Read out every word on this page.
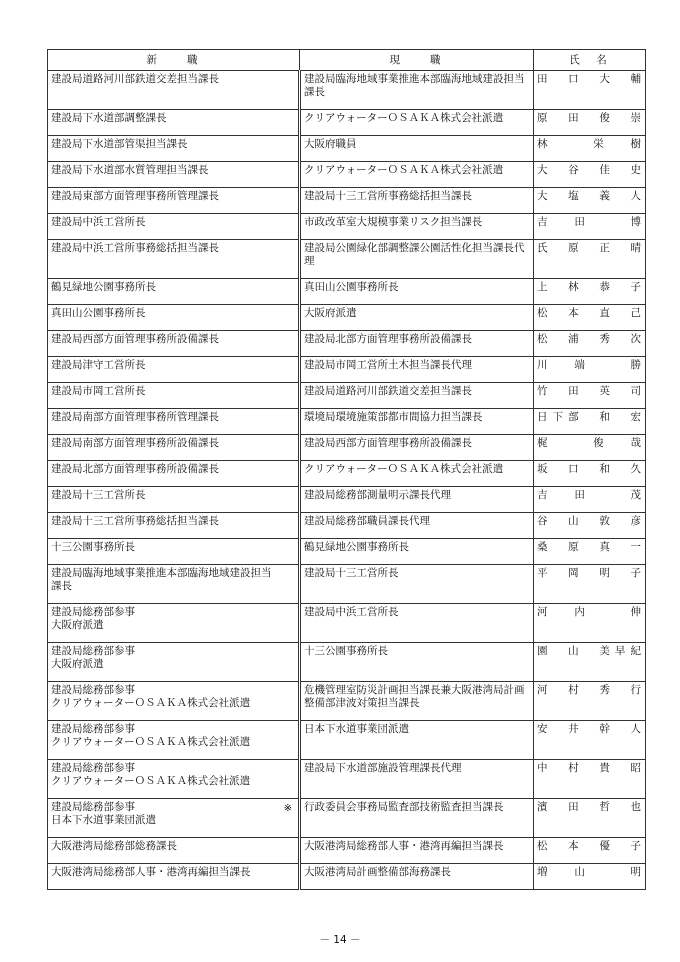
新　　職	現　　職	氏　名

建設局道路河川部鉄道交差担当課長	建設局臨海地域事業推進本部臨海地域建設担当
課長	田　口　大　輔

建設局下水道部調整課長	クリアウォーターＯＳＡＫＡ株式会社派遣	原　田　俊　崇

建設局下水道部管渠担当課長	大阪府職員	林　　栄　樹

建設局下水道部水質管理担当課長	クリアウォーターＯＳＡＫＡ株式会社派遣	大　谷　佳　史

建設局東部方面管理事務所管理課長	建設局十三工営所事務総括担当課長	大　塩　義　人

建設局中浜工営所長	市政改革室大規模事業リスク担当課長	吉　田　　博

建設局中浜工営所事務総括担当課長	建設局公園緑化部調整課公園活性化担当課長代
理	氏　原　正　晴

鶴見緑地公園事務所長	真田山公園事務所長	上　林　恭　子

真田山公園事務所長	大阪府派遣	松　本　直　己

建設局西部方面管理事務所設備課長	建設局北部方面管理事務所設備課長	松　浦　秀　次

建設局津守工営所長	建設局市岡工営所土木担当課長代理	川　端　　勝

建設局市岡工営所長	建設局道路河川部鉄道交差担当課長	竹　田　英　司

建設局南部方面管理事務所管理課長	環境局環境施策部都市間協力担当課長	日下部　和　宏

建設局南部方面管理事務所設備課長	建設局西部方面管理事務所設備課長	梶　　俊　哉

建設局北部方面管理事務所設備課長	クリアウォーターＯＳＡＫＡ株式会社派遣	坂　口　和　久

建設局十三工営所長	建設局総務部測量明示課長代理	吉　田　　茂

建設局十三工営所事務総括担当課長	建設局総務部職員課長代理	谷　山　敦　彦

十三公園事務所長	鶴見緑地公園事務所長	桑　原　真　一

建設局臨海地域事業推進本部臨海地域建設担当
課長	建設局十三工営所長	平　岡　明　子

建設局総務部参事
大阪府派遣	建設局中浜工営所長	河　内　　伸

建設局総務部参事
大阪府派遣	十三公園事務所長	園　山　美早紀

建設局総務部参事
クリアウォーターＯＳＡＫＡ株式会社派遣	危機管理室防災計画担当課長兼大阪港湾局計画
整備部津波対策担当課長	河　村　秀　行

建設局総務部参事
クリアウォーターＯＳＡＫＡ株式会社派遣	日本下水道事業団派遣	安　井　幹　人

建設局総務部参事
クリアウォーターＯＳＡＫＡ株式会社派遣	建設局下水道部施設管理課長代理	中　村　貴　昭

建設局総務部参事
日本下水道事業団派遣
※	行政委員会事務局監査部技術監査担当課長	濱　田　哲　也

大阪港湾局総務部総務課長	大阪港湾局総務部人事・港湾再編担当課長	松　本　優　子

大阪港湾局総務部人事・港湾再編担当課長	大阪港湾局計画整備部海務課長	増　山　　明
－ 14 －
